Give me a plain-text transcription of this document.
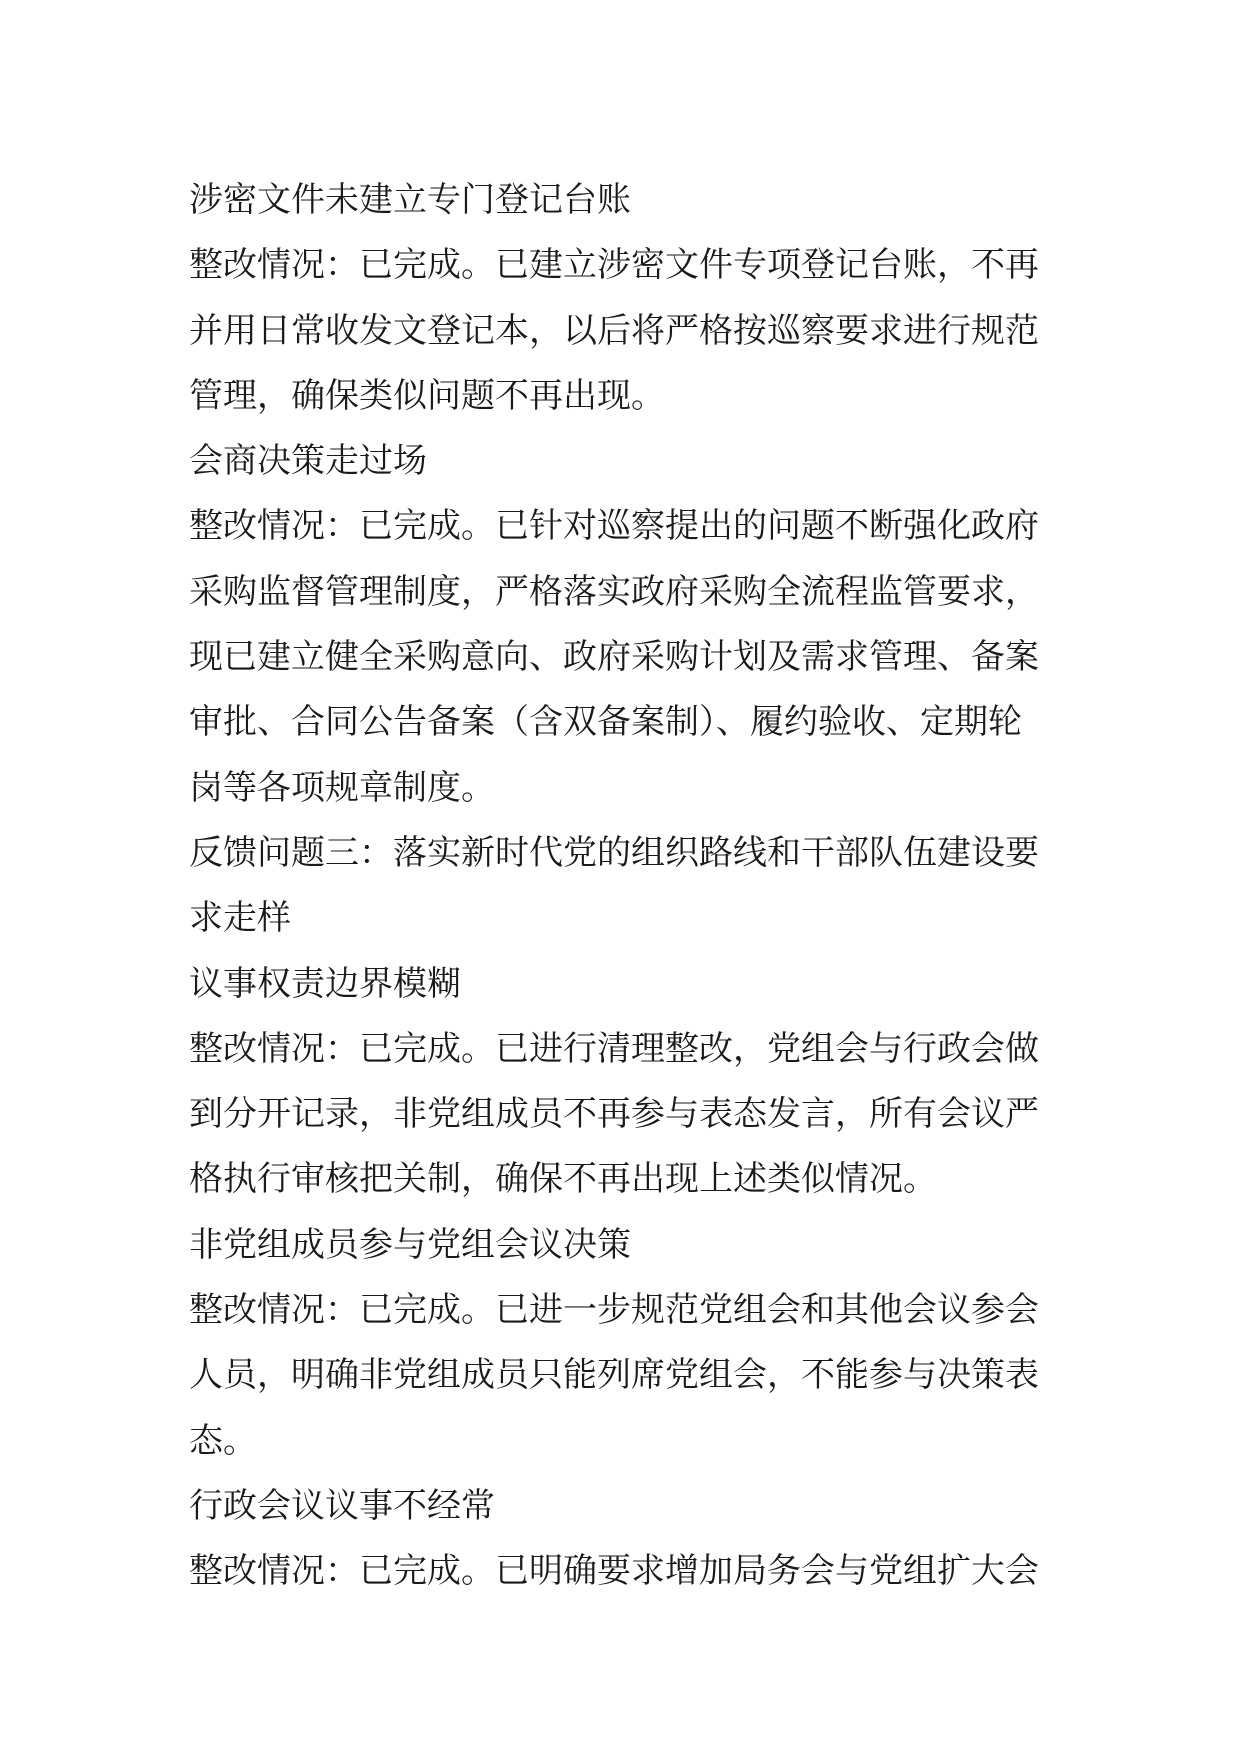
涉密文件未建立专门登记台账
整改情况：已完成。已建立涉密文件专项登记台账，不再
并用日常收发文登记本，以后将严格按巡察要求进行规范
管理，确保类似问题不再出现。
会商决策走过场
整改情况：已完成。已针对巡察提出的问题不断强化政府
采购监督管理制度，严格落实政府采购全流程监管要求，
现已建立健全采购意向、政府采购计划及需求管理、备案
审批、合同公告备案（含双备案制）、履约验收、定期轮
岗等各项规章制度。
反馈问题三：落实新时代党的组织路线和干部队伍建设要
求走样
议事权责边界模糊
整改情况：已完成。已进行清理整改，党组会与行政会做
到分开记录，非党组成员不再参与表态发言，所有会议严
格执行审核把关制，确保不再出现上述类似情况。
非党组成员参与党组会议决策
整改情况：已完成。已进一步规范党组会和其他会议参会
人员，明确非党组成员只能列席党组会，不能参与决策表
态。
行政会议议事不经常
整改情况：已完成。已明确要求增加局务会与党组扩大会
